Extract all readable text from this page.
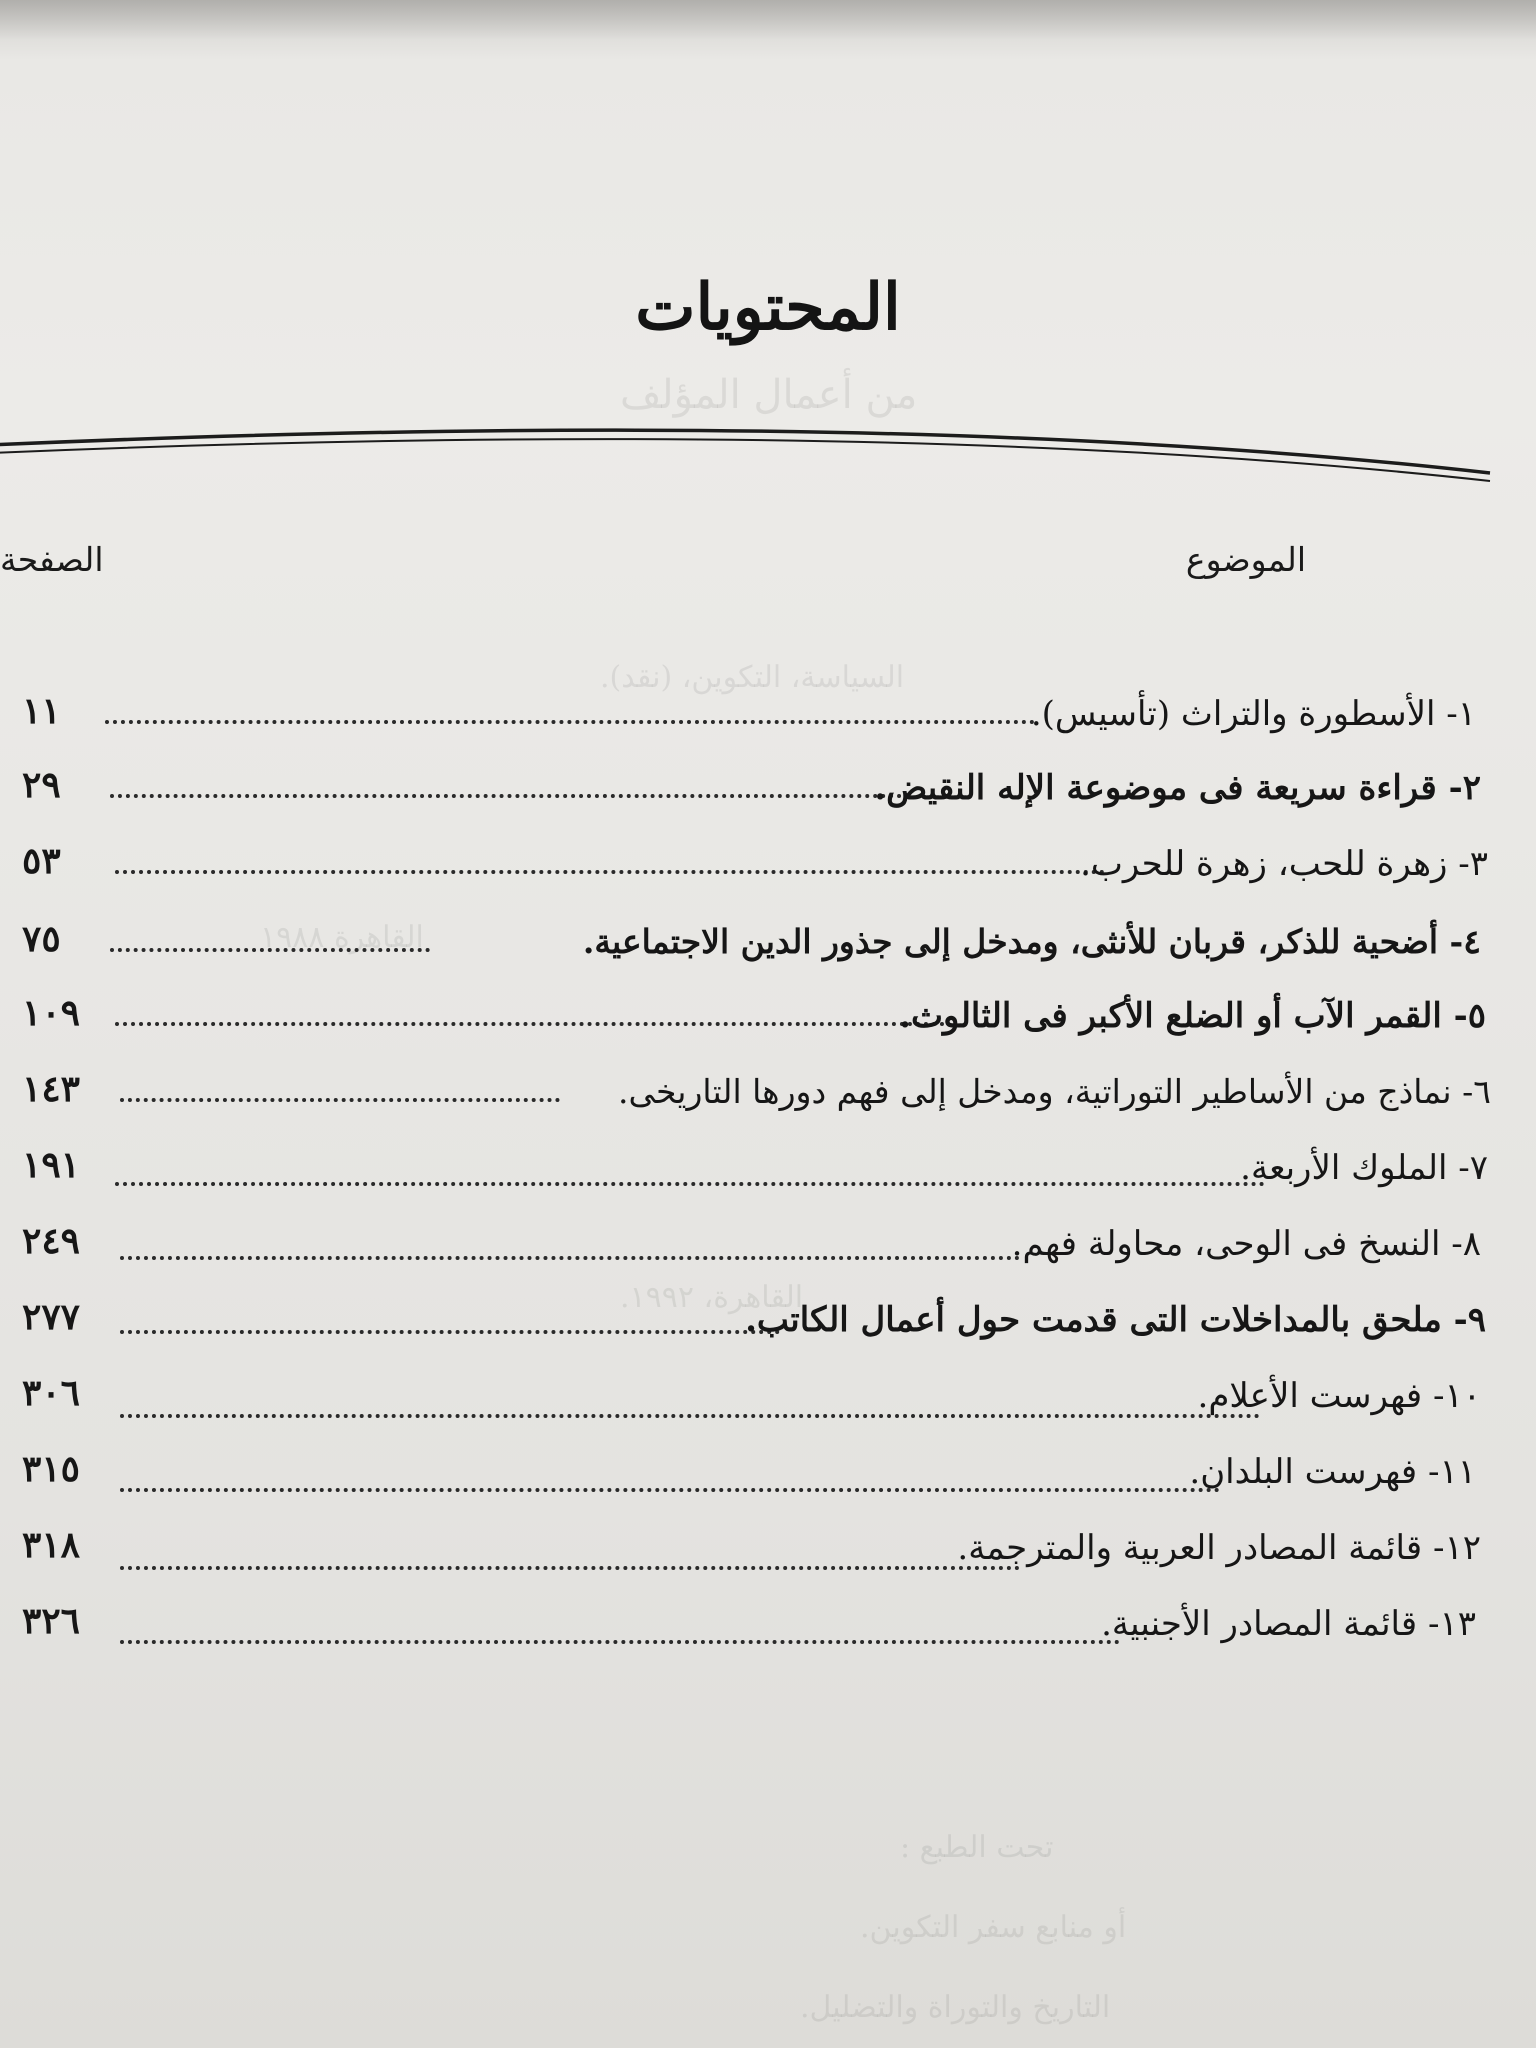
من أعمال المؤلف
السياسة، التكوين، (نقد).
القاهرة ١٩٨٨
القاهرة، ١٩٩٢.
تحت الطبع :
أو منابع سفر التكوين.
التاريخ والتوراة والتضليل.
المحتويات
الموضوع
الصفحة
١١	١- الأسطورة والتراث (تأسيس).
٢٩	٢- قراءة سريعة فى موضوعة الإله النقيض.
٥٣	٣- زهرة للحب، زهرة للحرب.
٧٥	٤- أضحية للذكر، قربان للأنثى، ومدخل إلى جذور الدين الاجتماعية.
١٠٩	٥- القمر الآب أو الضلع الأكبر فى الثالوث.
١٤٣	٦- نماذج من الأساطير التوراتية، ومدخل إلى فهم دورها التاريخى.
١٩١	٧- الملوك الأربعة.
٢٤٩	٨- النسخ فى الوحى، محاولة فهم.
٢٧٧	٩- ملحق بالمداخلات التى قدمت حول أعمال الكاتب.
٣٠٦	١٠- فهرست الأعلام.
٣١٥	١١- فهرست البلدان.
٣١٨	١٢- قائمة المصادر العربية والمترجمة.
٣٢٦	١٣- قائمة المصادر الأجنبية.
